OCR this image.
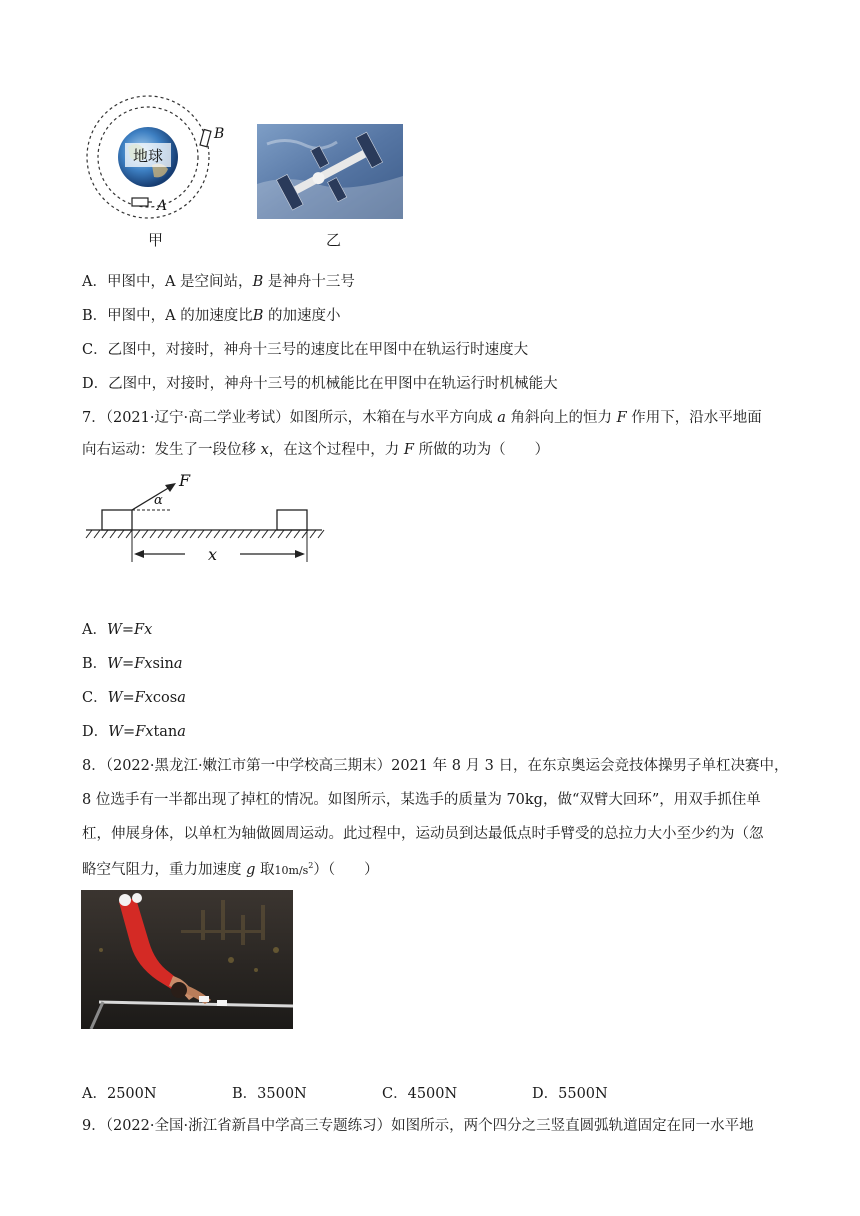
地球
B
A
甲	乙
A．甲图中，A 是空间站，B 是神舟十三号
B．甲图中，A 的加速度比B 的加速度小
C．乙图中，对接时，神舟十三号的速度比在甲图中在轨运行时速度大
D．乙图中，对接时，神舟十三号的机械能比在甲图中在轨运行时机械能大
7．（2021·辽宁·高二学业考试）如图所示，木箱在与水平方向成 a 角斜向上的恒力 F 作用下，沿水平地面
向右运动：发生了一段位移 x，在这个过程中，力 F 所做的功为（　　）
F
α
x
A．W=Fx
B．W=Fxsina
C．W=Fxcosa
D．W=Fxtana
8．（2022·黑龙江·嫩江市第一中学校高三期末）2021 年 8 月 3 日，在东京奥运会竞技体操男子单杠决赛中，
8 位选手有一半都出现了掉杠的情况。如图所示，某选手的质量为 70kg，做“双臂大回环”，用双手抓住单
杠，伸展身体，以单杠为轴做圆周运动。此过程中，运动员到达最低点时手臂受的总拉力大小至少约为（忽
略空气阻力，重力加速度 g 取$10m/s^2$）（　　）
A．2500N	B．3500N	C．4500N	D．5500N
9．（2022·全国·浙江省新昌中学高三专题练习）如图所示，两个四分之三竖直圆弧轨道固定在同一水平地
